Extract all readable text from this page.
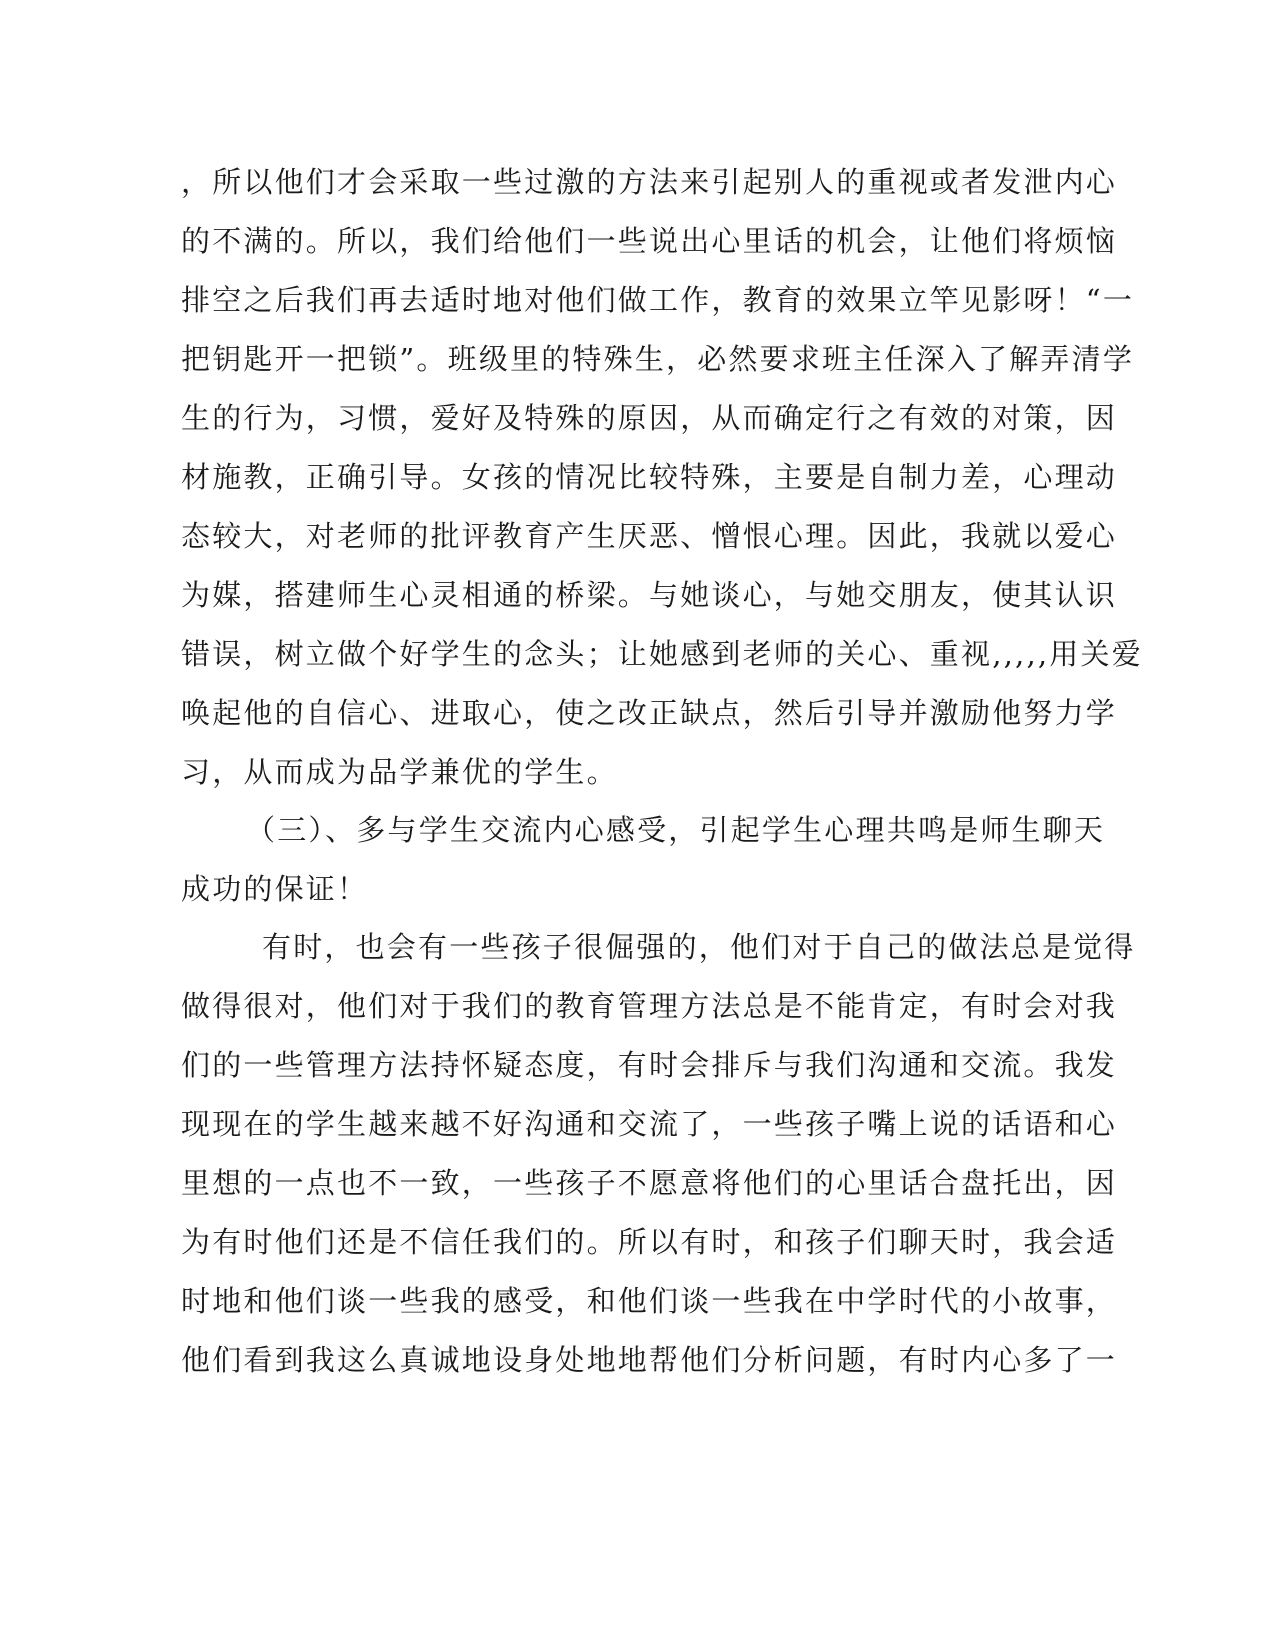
，所以他们才会采取一些过激的方法来引起别人的重视或者发泄内心
的不满的。所以，我们给他们一些说出心里话的机会，让他们将烦恼
排空之后我们再去适时地对他们做工作，教育的效果立竿见影呀！“一
把钥匙开一把锁”。班级里的特殊生，必然要求班主任深入了解弄清学
生的行为，习惯，爱好及特殊的原因，从而确定行之有效的对策，因
材施教，正确引导。女孩的情况比较特殊，主要是自制力差，心理动
态较大，对老师的批评教育产生厌恶、憎恨心理。因此，我就以爱心
为媒，搭建师生心灵相通的桥梁。与她谈心，与她交朋友，使其认识
错误，树立做个好学生的念头；让她感到老师的关心、重视,,,,,用关爱
唤起他的自信心、进取心，使之改正缺点，然后引导并激励他努力学
习，从而成为品学兼优的学生。
（三）、多与学生交流内心感受，引起学生心理共鸣是师生聊天
成功的保证！
有时，也会有一些孩子很倔强的，他们对于自己的做法总是觉得
做得很对，他们对于我们的教育管理方法总是不能肯定，有时会对我
们的一些管理方法持怀疑态度，有时会排斥与我们沟通和交流。我发
现现在的学生越来越不好沟通和交流了，一些孩子嘴上说的话语和心
里想的一点也不一致，一些孩子不愿意将他们的心里话合盘托出，因
为有时他们还是不信任我们的。所以有时，和孩子们聊天时，我会适
时地和他们谈一些我的感受，和他们谈一些我在中学时代的小故事，
他们看到我这么真诚地设身处地地帮他们分析问题，有时内心多了一
